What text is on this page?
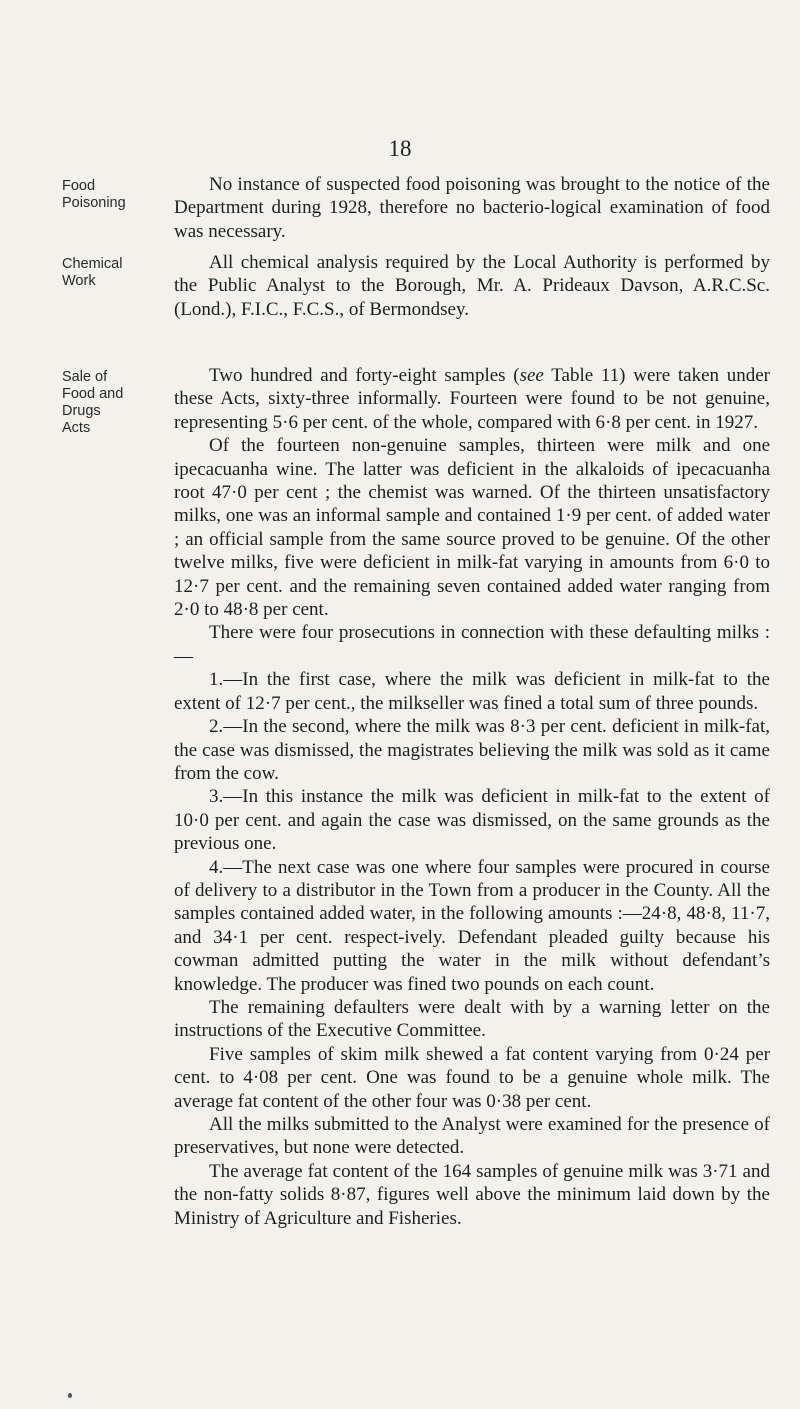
18
Food
Poisoning
Chemical
Work
Sale of
Food and
Drugs
Acts

No instance of suspected food poisoning was brought to the notice of the Department during 1928, therefore no bacterio-logical examination of food was necessary.

All chemical analysis required by the Local Authority is performed by the Public Analyst to the Borough, Mr. A. Prideaux Davson, A.R.C.Sc. (Lond.), F.I.C., F.C.S., of Bermondsey.

Two hundred and forty-eight samples (see Table 11) were taken under these Acts, sixty-three informally. Fourteen were found to be not genuine, representing 5·6 per cent. of the whole, compared with 6·8 per cent. in 1927.

Of the fourteen non-genuine samples, thirteen were milk and one ipecacuanha wine. The latter was deficient in the alkaloids of ipecacuanha root 47·0 per cent ; the chemist was warned. Of the thirteen unsatisfactory milks, one was an informal sample and contained 1·9 per cent. of added water ; an official sample from the same source proved to be genuine. Of the other twelve milks, five were deficient in milk-fat varying in amounts from 6·0 to 12·7 per cent. and the remaining seven contained added water ranging from 2·0 to 48·8 per cent.

There were four prosecutions in connection with these defaulting milks :—

1.—In the first case, where the milk was deficient in milk-fat to the extent of 12·7 per cent., the milkseller was fined a total sum of three pounds.

2.—In the second, where the milk was 8·3 per cent. deficient in milk-fat, the case was dismissed, the magistrates believing the milk was sold as it came from the cow.

3.—In this instance the milk was deficient in milk-fat to the extent of 10·0 per cent. and again the case was dismissed, on the same grounds as the previous one.

4.—The next case was one where four samples were procured in course of delivery to a distributor in the Town from a producer in the County. All the samples contained added water, in the following amounts :—24·8, 48·8, 11·7, and 34·1 per cent. respect-ively. Defendant pleaded guilty because his cowman admitted putting the water in the milk without defendant’s knowledge. The producer was fined two pounds on each count.

The remaining defaulters were dealt with by a warning letter on the instructions of the Executive Committee.

Five samples of skim milk shewed a fat content varying from 0·24 per cent. to 4·08 per cent. One was found to be a genuine whole milk. The average fat content of the other four was 0·38 per cent.

All the milks submitted to the Analyst were examined for the presence of preservatives, but none were detected.

The average fat content of the 164 samples of genuine milk was 3·71 and the non-fatty solids 8·87, figures well above the minimum laid down by the Ministry of Agriculture and Fisheries.
